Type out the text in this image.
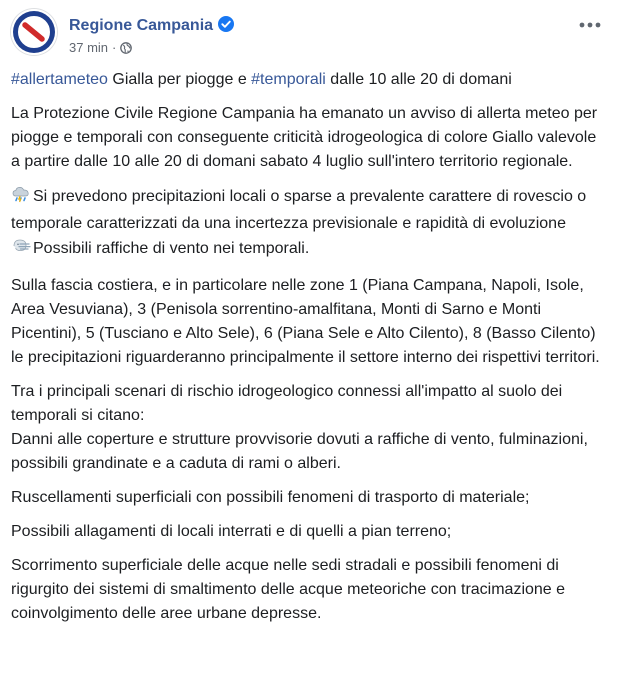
Regione Campania
37 min ·

#allertameteo Gialla per piogge e #temporali dalle 10 alle 20 di domani

La Protezione Civile Regione Campania ha emanato un avviso di allerta meteo per piogge e temporali con conseguente criticità idrogeologica di colore Giallo valevole a partire dalle 10 alle 20 di domani sabato 4 luglio sull'intero territorio regionale.

Si prevedono precipitazioni locali o sparse a prevalente carattere di rovescio o temporale caratterizzati da una incertezza previsionale e rapidità di evoluzione
Possibili raffiche di vento nei temporali.

Sulla fascia costiera, e in particolare nelle zone 1 (Piana Campana, Napoli, Isole, Area Vesuviana), 3 (Penisola sorrentino-amalfitana, Monti di Sarno e Monti Picentini), 5 (Tusciano e Alto Sele), 6 (Piana Sele e Alto Cilento), 8 (Basso Cilento) le precipitazioni riguarderanno principalmente il settore interno dei rispettivi territori.

Tra i principali scenari di rischio idrogeologico connessi all'impatto al suolo dei temporali si citano:
Danni alle coperture e strutture provvisorie dovuti a raffiche di vento, fulminazioni, possibili grandinate e a caduta di rami o alberi.

Ruscellamenti superficiali con possibili fenomeni di trasporto di materiale;

Possibili allagamenti di locali interrati e di quelli a pian terreno;

Scorrimento superficiale delle acque nelle sedi stradali e possibili fenomeni di rigurgito dei sistemi di smaltimento delle acque meteoriche con tracimazione e coinvolgimento delle aree urbane depresse.
